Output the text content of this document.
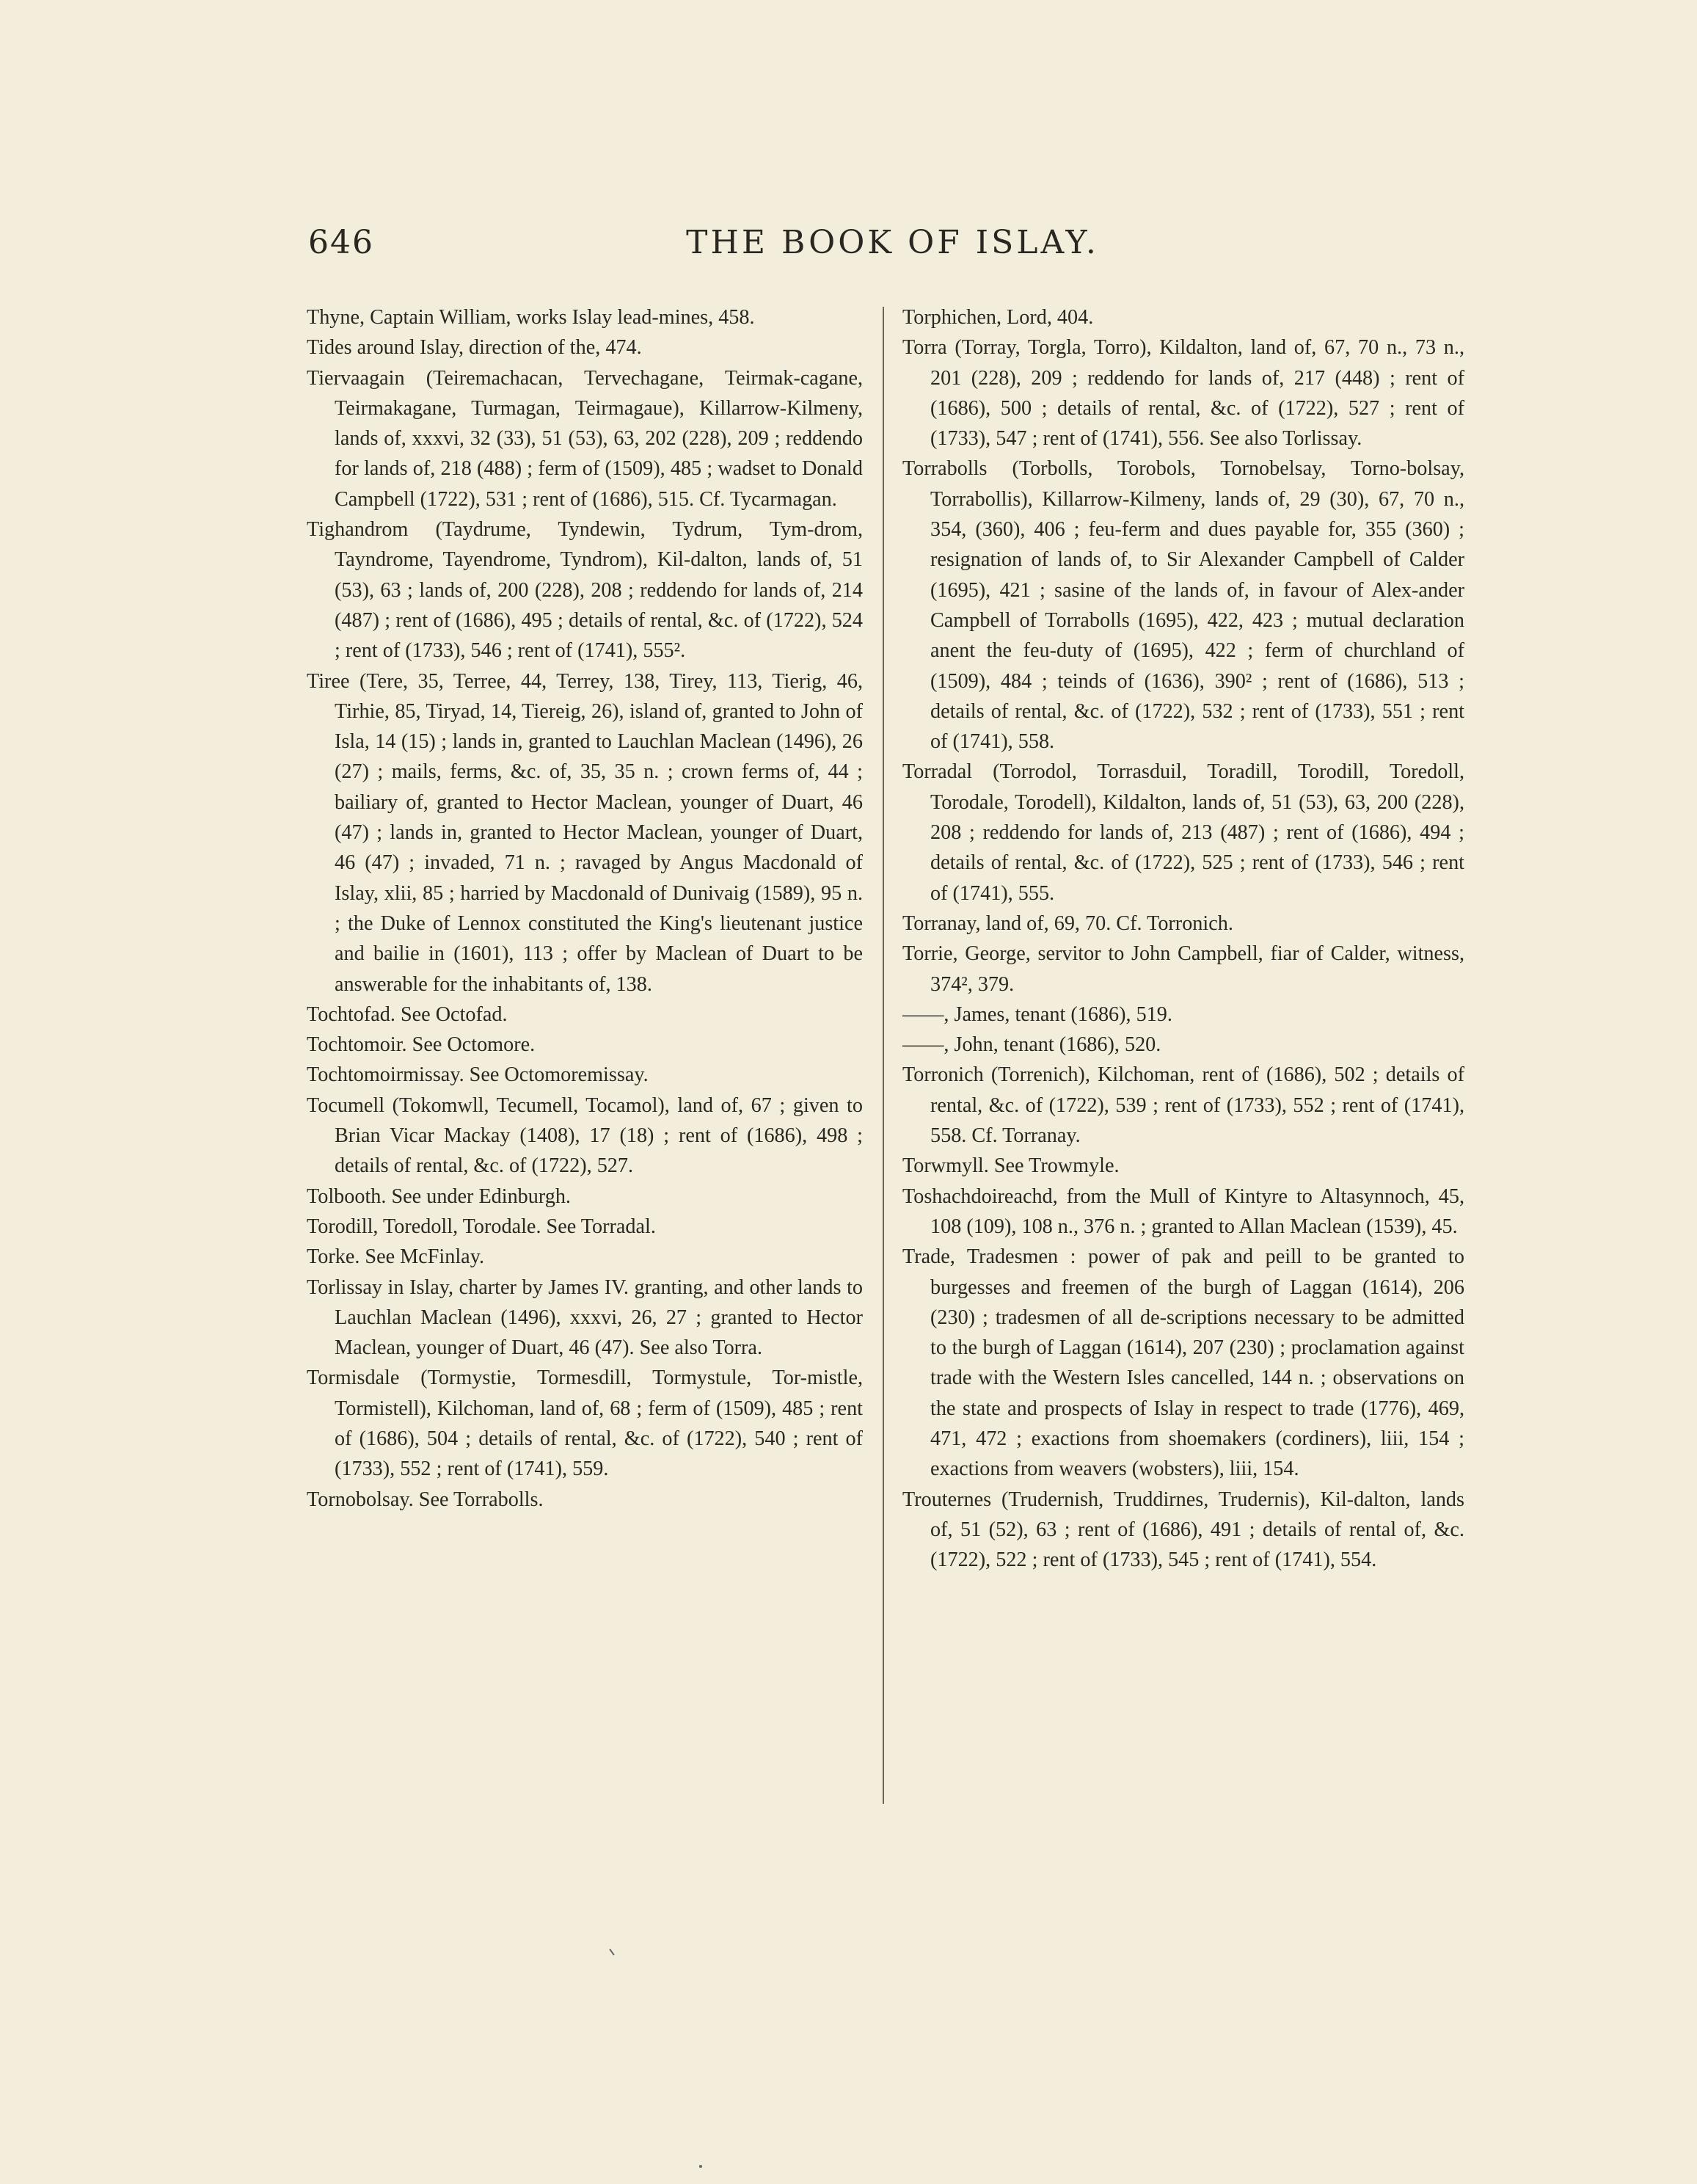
646	THE BOOK OF ISLAY.

Thyne, Captain William, works Islay lead-mines, 458.

Tides around Islay, direction of the, 474.

Tiervaagain (Teiremachacan, Tervechagane, Teirmak-cagane, Teirmakagane, Turmagan, Teirmagaue), Killarrow-Kilmeny, lands of, xxxvi, 32 (33), 51 (53), 63, 202 (228), 209 ; reddendo for lands of, 218 (488) ; ferm of (1509), 485 ; wadset to Donald Campbell (1722), 531 ; rent of (1686), 515. Cf. Tycarmagan.

Tighandrom (Taydrume, Tyndewin, Tydrum, Tym-drom, Tayndrome, Tayendrome, Tyndrom), Kil-dalton, lands of, 51 (53), 63 ; lands of, 200 (228), 208 ; reddendo for lands of, 214 (487) ; rent of (1686), 495 ; details of rental, &c. of (1722), 524 ; rent of (1733), 546 ; rent of (1741), 555².

Tiree (Tere, 35, Terree, 44, Terrey, 138, Tirey, 113, Tierig, 46, Tirhie, 85, Tiryad, 14, Tiereig, 26), island of, granted to John of Isla, 14 (15) ; lands in, granted to Lauchlan Maclean (1496), 26 (27) ; mails, ferms, &c. of, 35, 35 n. ; crown ferms of, 44 ; bailiary of, granted to Hector Maclean, younger of Duart, 46 (47) ; lands in, granted to Hector Maclean, younger of Duart, 46 (47) ; invaded, 71 n. ; ravaged by Angus Macdonald of Islay, xlii, 85 ; harried by Macdonald of Dunivaig (1589), 95 n. ; the Duke of Lennox constituted the King's lieutenant justice and bailie in (1601), 113 ; offer by Maclean of Duart to be answerable for the inhabitants of, 138.

Tochtofad. See Octofad.

Tochtomoir. See Octomore.

Tochtomoirmissay. See Octomoremissay.

Tocumell (Tokomwll, Tecumell, Tocamol), land of, 67 ; given to Brian Vicar Mackay (1408), 17 (18) ; rent of (1686), 498 ; details of rental, &c. of (1722), 527.

Tolbooth. See under Edinburgh.

Torodill, Toredoll, Torodale. See Torradal.

Torke. See McFinlay.

Torlissay in Islay, charter by James IV. granting, and other lands to Lauchlan Maclean (1496), xxxvi, 26, 27 ; granted to Hector Maclean, younger of Duart, 46 (47). See also Torra.

Tormisdale (Tormystie, Tormesdill, Tormystule, Tor-mistle, Tormistell), Kilchoman, land of, 68 ; ferm of (1509), 485 ; rent of (1686), 504 ; details of rental, &c. of (1722), 540 ; rent of (1733), 552 ; rent of (1741), 559.

Tornobolsay. See Torrabolls.

Torphichen, Lord, 404.

Torra (Torray, Torgla, Torro), Kildalton, land of, 67, 70 n., 73 n., 201 (228), 209 ; reddendo for lands of, 217 (448) ; rent of (1686), 500 ; details of rental, &c. of (1722), 527 ; rent of (1733), 547 ; rent of (1741), 556. See also Torlissay.

Torrabolls (Torbolls, Torobols, Tornobelsay, Torno-bolsay, Torrabollis), Killarrow-Kilmeny, lands of, 29 (30), 67, 70 n., 354, (360), 406 ; feu-ferm and dues payable for, 355 (360) ; resignation of lands of, to Sir Alexander Campbell of Calder (1695), 421 ; sasine of the lands of, in favour of Alex-ander Campbell of Torrabolls (1695), 422, 423 ; mutual declaration anent the feu-duty of (1695), 422 ; ferm of churchland of (1509), 484 ; teinds of (1636), 390² ; rent of (1686), 513 ; details of rental, &c. of (1722), 532 ; rent of (1733), 551 ; rent of (1741), 558.

Torradal (Torrodol, Torrasduil, Toradill, Torodill, Toredoll, Torodale, Torodell), Kildalton, lands of, 51 (53), 63, 200 (228), 208 ; reddendo for lands of, 213 (487) ; rent of (1686), 494 ; details of rental, &c. of (1722), 525 ; rent of (1733), 546 ; rent of (1741), 555.

Torranay, land of, 69, 70. Cf. Torronich.

Torrie, George, servitor to John Campbell, fiar of Calder, witness, 374², 379.

——, James, tenant (1686), 519.

——, John, tenant (1686), 520.

Torronich (Torrenich), Kilchoman, rent of (1686), 502 ; details of rental, &c. of (1722), 539 ; rent of (1733), 552 ; rent of (1741), 558. Cf. Torranay.

Torwmyll. See Trowmyle.

Toshachdoireachd, from the Mull of Kintyre to Altasynnoch, 45, 108 (109), 108 n., 376 n. ; granted to Allan Maclean (1539), 45.

Trade, Tradesmen : power of pak and peill to be granted to burgesses and freemen of the burgh of Laggan (1614), 206 (230) ; tradesmen of all de-scriptions necessary to be admitted to the burgh of Laggan (1614), 207 (230) ; proclamation against trade with the Western Isles cancelled, 144 n. ; observations on the state and prospects of Islay in respect to trade (1776), 469, 471, 472 ; exactions from shoemakers (cordiners), liii, 154 ; exactions from weavers (wobsters), liii, 154.

Trouternes (Trudernish, Truddirnes, Trudernis), Kil-dalton, lands of, 51 (52), 63 ; rent of (1686), 491 ; details of rental of, &c. (1722), 522 ; rent of (1733), 545 ; rent of (1741), 554.
